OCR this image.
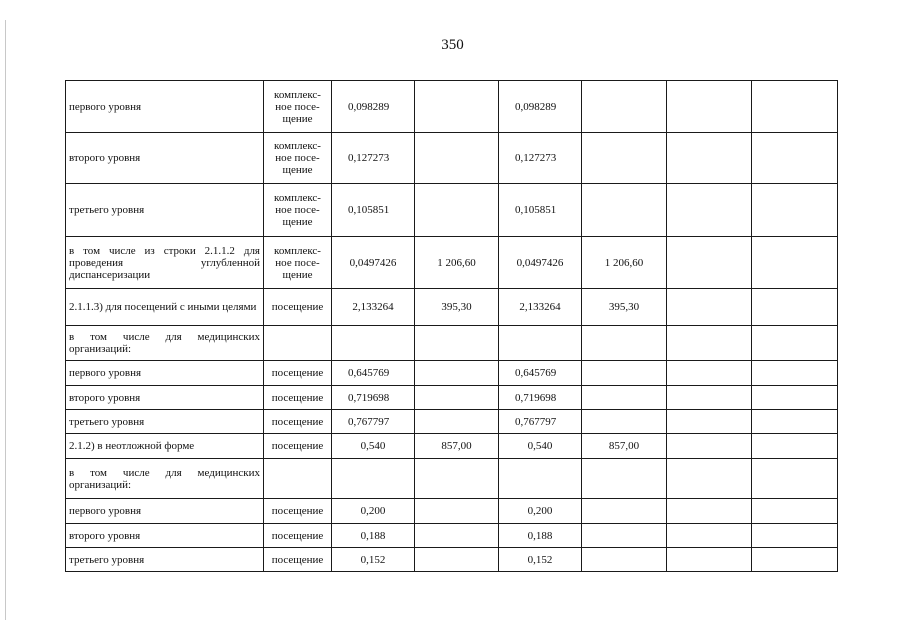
350
первого уровня	комплекс-
ное посе-
щение	0,098289		0,098289			
второго уровня	комплекс-
ное посе-
щение	0,127273		0,127273			
третьего уровня	комплекс-
ное посе-
щение	0,105851		0,105851			
в том числе из строки 2.1.1.2 для проведения углубленной диспансеризации	комплекс-
ное посе-
щение	0,0497426	1 206,60	0,0497426	1 206,60		
2.1.1.3) для посещений с иными целями	посещение	2,133264	395,30	2,133264	395,30		
в том числе для медицинских организаций:							
первого уровня	посещение	0,645769		0,645769			
второго уровня	посещение	0,719698		0,719698			
третьего уровня	посещение	0,767797		0,767797			
2.1.2) в неотложной форме	посещение	0,540	857,00	0,540	857,00		
в том числе для медицинских организаций:							
первого уровня	посещение	0,200		0,200			
второго уровня	посещение	0,188		0,188			
третьего уровня	посещение	0,152		0,152			
